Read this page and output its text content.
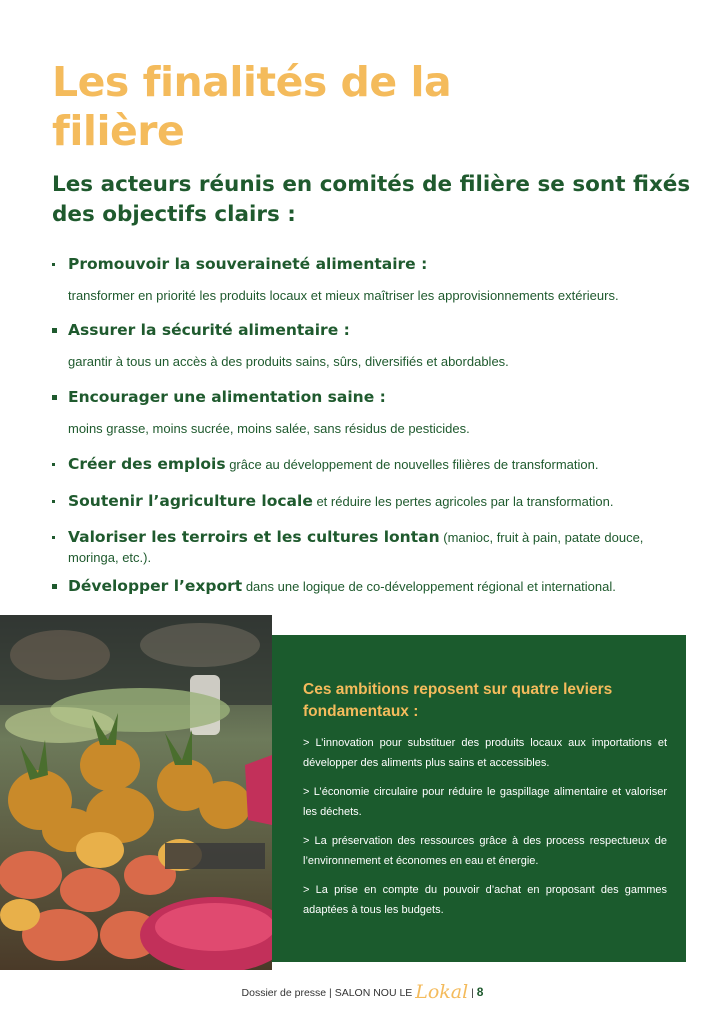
Les finalités de la filière
Les acteurs réunis en comités de filière se sont fixés des objectifs clairs :
Promouvoir la souveraineté alimentaire :
transformer en priorité les produits locaux et mieux maîtriser les approvisionnements extérieurs.
Assurer la sécurité alimentaire :
garantir à tous un accès à des produits sains, sûrs, diversifiés et abordables.
Encourager une alimentation saine :
moins grasse, moins sucrée, moins salée, sans résidus de pesticides.
Créer des emplois grâce au développement de nouvelles filières de transformation.
Soutenir l’agriculture locale et réduire les pertes agricoles par la transformation.
Valoriser les terroirs et les cultures lontan (manioc, fruit à pain, patate douce, moringa, etc.).
Développer l’export dans une logique de co-développement régional et international.

Ces ambitions reposent sur quatre leviers fondamentaux :

> L’innovation pour substituer des produits locaux aux importations et développer des aliments plus sains et accessibles.
> L’économie circulaire pour réduire le gaspillage alimentaire et valoriser les déchets.
> La préservation des ressources grâce à des process respectueux de l’environnement et économes en eau et énergie.
> La prise en compte du pouvoir d’achat en proposant des gammes adaptées à tous les budgets.
Dossier de presse | SALON NOU LE Lokal | 8
